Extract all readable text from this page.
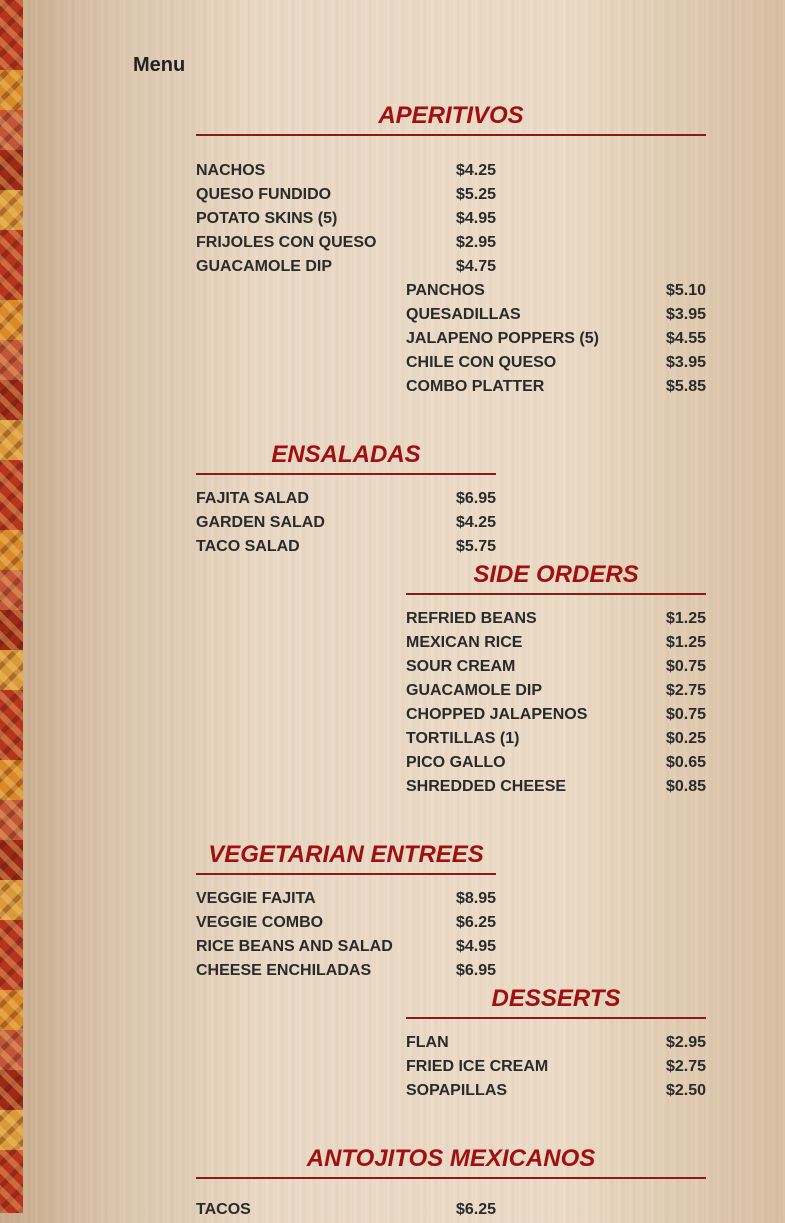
Menu
APERITIVOS
NACHOS	$4.25
QUESO FUNDIDO	$5.25
POTATO SKINS (5)	$4.95
FRIJOLES CON QUESO	$2.95
GUACAMOLE DIP	$4.75
PANCHOS	$5.10
QUESADILLAS	$3.95
JALAPENO POPPERS (5)	$4.55
CHILE CON QUESO	$3.95
COMBO PLATTER	$5.85
ENSALADAS
FAJITA SALAD	$6.95
GARDEN SALAD	$4.25
TACO SALAD	$5.75
SIDE ORDERS
REFRIED BEANS	$1.25
MEXICAN RICE	$1.25
SOUR CREAM	$0.75
GUACAMOLE DIP	$2.75
CHOPPED JALAPENOS	$0.75
TORTILLAS (1)	$0.25
PICO GALLO	$0.65
SHREDDED CHEESE	$0.85
VEGETARIAN ENTREES
VEGGIE FAJITA	$8.95
VEGGIE COMBO	$6.25
RICE BEANS AND SALAD	$4.95
CHEESE ENCHILADAS	$6.95
DESSERTS
FLAN	$2.95
FRIED ICE CREAM	$2.75
SOPAPILLAS	$2.50
ANTOJITOS MEXICANOS
TACOS	$6.25
